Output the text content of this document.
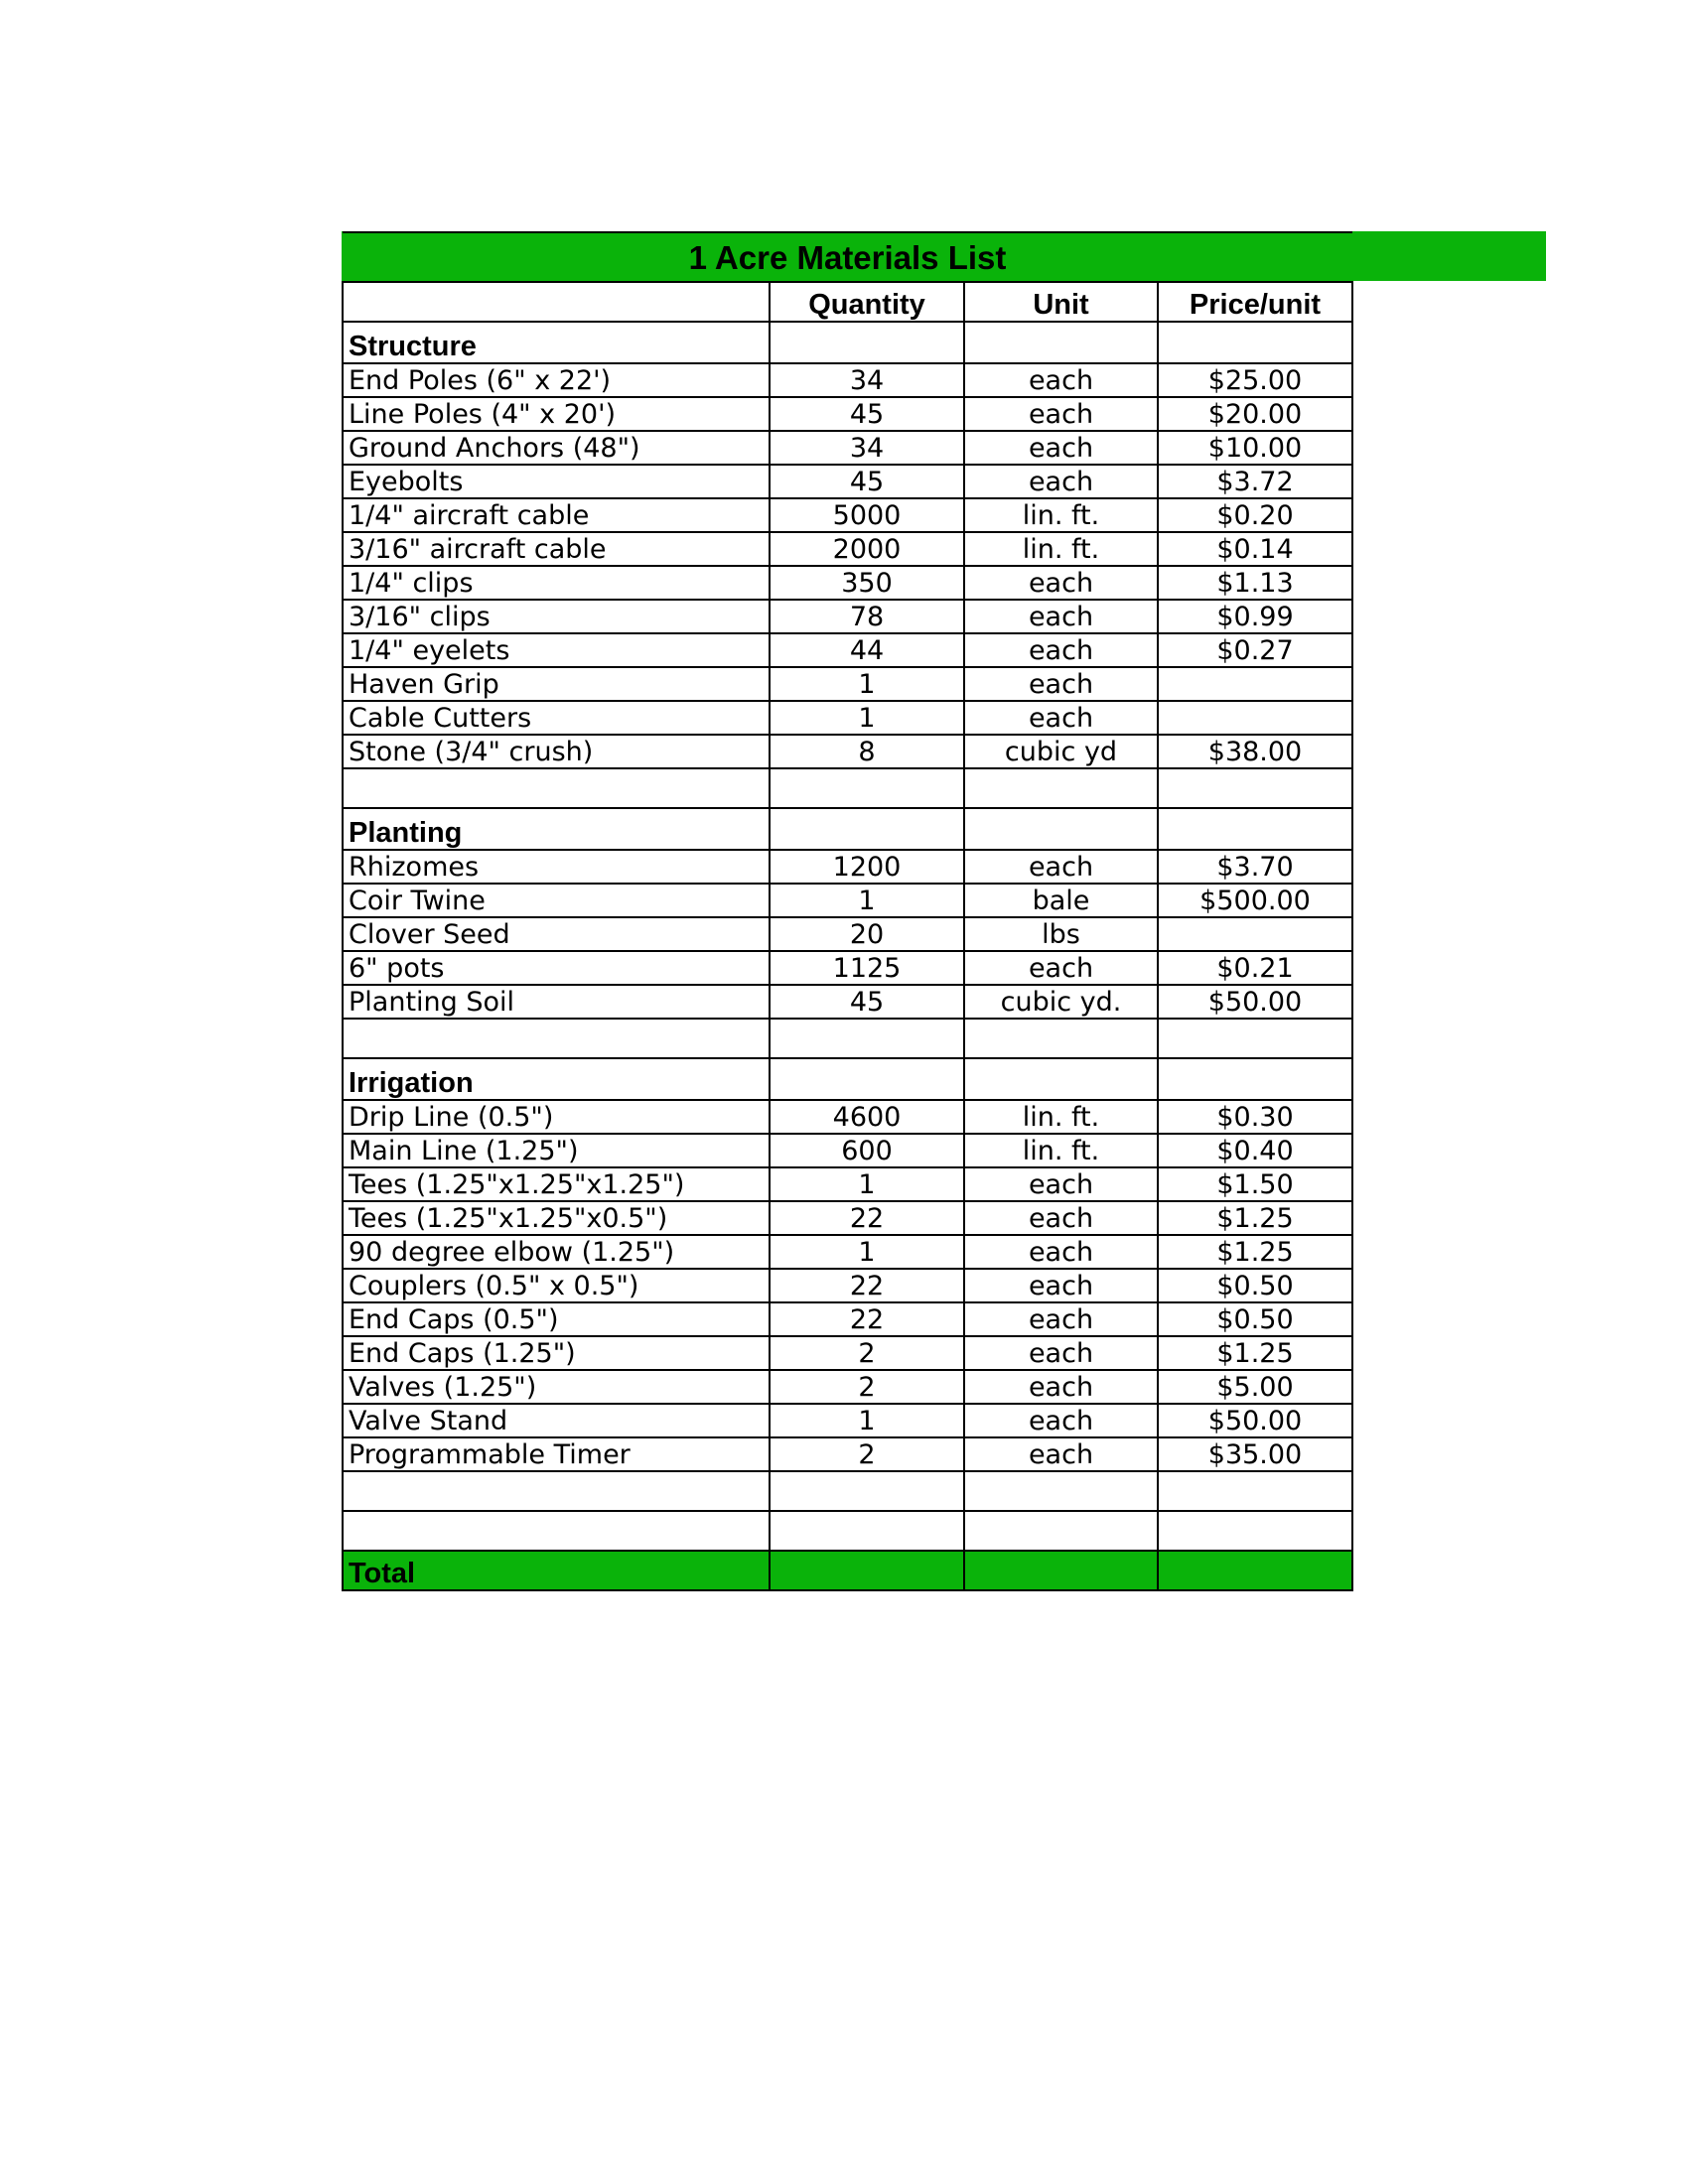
1 Acre Materials List			
	Quantity	Unit	Price/unit
Structure			
End Poles (6" x 22')	34	each	$25.00
Line Poles (4" x 20')	45	each	$20.00
Ground Anchors (48")	34	each	$10.00
Eyebolts	45	each	$3.72
1/4" aircraft cable	5000	lin. ft.	$0.20
3/16" aircraft cable	2000	lin. ft.	$0.14
1/4" clips	350	each	$1.13
3/16" clips	78	each	$0.99
1/4" eyelets	44	each	$0.27
Haven Grip	1	each	
Cable Cutters	1	each	
Stone (3/4" crush)	8	cubic yd	$38.00

Planting			
Rhizomes	1200	each	$3.70
Coir Twine	1	bale	$500.00
Clover Seed	20	lbs	
6" pots	1125	each	$0.21
Planting Soil	45	cubic yd.	$50.00

Irrigation			
Drip Line (0.5")	4600	lin. ft.	$0.30
Main Line (1.25")	600	lin. ft.	$0.40
Tees (1.25"x1.25"x1.25")	1	each	$1.50
Tees (1.25"x1.25"x0.5")	22	each	$1.25
90 degree elbow (1.25")	1	each	$1.25
Couplers (0.5" x 0.5")	22	each	$0.50
End Caps (0.5")	22	each	$0.50
End Caps (1.25")	2	each	$1.25
Valves (1.25")	2	each	$5.00
Valve Stand	1	each	$50.00
Programmable Timer	2	each	$35.00

Total			
